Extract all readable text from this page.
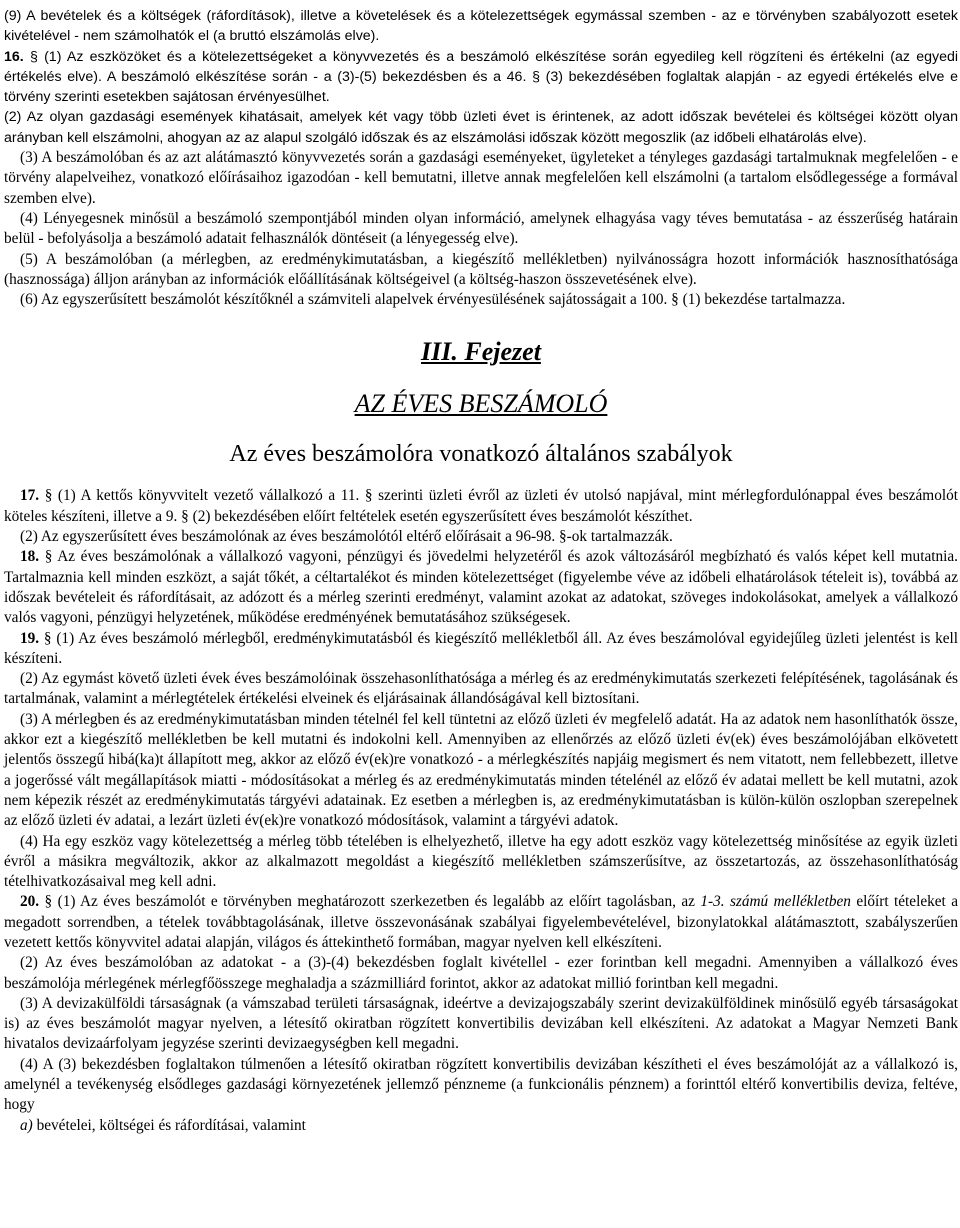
(9) A bevételek és a költségek (ráfordítások), illetve a követelések és a kötelezettségek egymással szemben - az e törvényben szabályozott esetek kivételével - nem számolhatók el (a bruttó elszámolás elve).

16. § (1) Az eszközöket és a kötelezettségeket a könyvvezetés és a beszámoló elkészítése során egyedileg kell rögzíteni és értékelni (az egyedi értékelés elve). A beszámoló elkészítése során - a (3)-(5) bekezdésben és a 46. § (3) bekezdésében foglaltak alapján - az egyedi értékelés elve e törvény szerinti esetekben sajátosan érvényesülhet.

(2) Az olyan gazdasági események kihatásait, amelyek két vagy több üzleti évet is érintenek, az adott időszak bevételei és költségei között olyan arányban kell elszámolni, ahogyan az az alapul szolgáló időszak és az elszámolási időszak között megoszlik (az időbeli elhatárolás elve).

(3) A beszámolóban és az azt alátámasztó könyvvezetés során a gazdasági eseményeket, ügyleteket a tényleges gazdasági tartalmuknak megfelelően - e törvény alapelveihez, vonatkozó előírásaihoz igazodóan - kell bemutatni, illetve annak megfelelően kell elszámolni (a tartalom elsődlegessége a formával szemben elve).

(4) Lényegesnek minősül a beszámoló szempontjából minden olyan információ, amelynek elhagyása vagy téves bemutatása - az ésszerűség határain belül - befolyásolja a beszámoló adatait felhasználók döntéseit (a lényegesség elve).

(5) A beszámolóban (a mérlegben, az eredménykimutatásban, a kiegészítő mellékletben) nyilvánosságra hozott információk hasznosíthatósága (hasznossága) álljon arányban az információk előállításának költségeivel (a költség-haszon összevetésének elve).

(6) Az egyszerűsített beszámolót készítőknél a számviteli alapelvek érvényesülésének sajátosságait a 100. § (1) bekezdése tartalmazza.

III. Fejezet

AZ ÉVES BESZÁMOLÓ

Az éves beszámolóra vonatkozó általános szabályok

17. § (1) A kettős könyvvitelt vezető vállalkozó a 11. § szerinti üzleti évről az üzleti év utolsó napjával, mint mérlegfordulónappal éves beszámolót köteles készíteni, illetve a 9. § (2) bekezdésében előírt feltételek esetén egyszerűsített éves beszámolót készíthet.

(2) Az egyszerűsített éves beszámolónak az éves beszámolótól eltérő előírásait a 96-98. §-ok tartalmazzák.

18. § Az éves beszámolónak a vállalkozó vagyoni, pénzügyi és jövedelmi helyzetéről és azok változásáról megbízható és valós képet kell mutatnia. Tartalmaznia kell minden eszközt, a saját tőkét, a céltartalékot és minden kötelezettséget (figyelembe véve az időbeli elhatárolások tételeit is), továbbá az időszak bevételeit és ráfordításait, az adózott és a mérleg szerinti eredményt, valamint azokat az adatokat, szöveges indokolásokat, amelyek a vállalkozó valós vagyoni, pénzügyi helyzetének, működése eredményének bemutatásához szükségesek.

19. § (1) Az éves beszámoló mérlegből, eredménykimutatásból és kiegészítő mellékletből áll. Az éves beszámolóval egyidejűleg üzleti jelentést is kell készíteni.

(2) Az egymást követő üzleti évek éves beszámolóinak összehasonlíthatósága a mérleg és az eredménykimutatás szerkezeti felépítésének, tagolásának és tartalmának, valamint a mérlegtételek értékelési elveinek és eljárásainak állandóságával kell biztosítani.

(3) A mérlegben és az eredménykimutatásban minden tételnél fel kell tüntetni az előző üzleti év megfelelő adatát. Ha az adatok nem hasonlíthatók össze, akkor ezt a kiegészítő mellékletben be kell mutatni és indokolni kell. Amennyiben az ellenőrzés az előző üzleti év(ek) éves beszámolójában elkövetett jelentős összegű hibá(ka)t állapított meg, akkor az előző év(ek)re vonatkozó - a mérlegkészítés napjáig megismert és nem vitatott, nem fellebbezett, illetve a jogerőssé vált megállapítások miatti - módosításokat a mérleg és az eredménykimutatás minden tételénél az előző év adatai mellett be kell mutatni, azok nem képezik részét az eredménykimutatás tárgyévi adatainak. Ez esetben a mérlegben is, az eredménykimutatásban is külön-külön oszlopban szerepelnek az előző üzleti év adatai, a lezárt üzleti év(ek)re vonatkozó módosítások, valamint a tárgyévi adatok.

(4) Ha egy eszköz vagy kötelezettség a mérleg több tételében is elhelyezhető, illetve ha egy adott eszköz vagy kötelezettség minősítése az egyik üzleti évről a másikra megváltozik, akkor az alkalmazott megoldást a kiegészítő mellékletben számszerűsítve, az összetartozás, az összehasonlíthatóság tételhivatkozásaival meg kell adni.

20. § (1) Az éves beszámolót e törvényben meghatározott szerkezetben és legalább az előírt tagolásban, az 1-3. számú mellékletben előírt tételeket a megadott sorrendben, a tételek továbbtagolásának, illetve összevonásának szabályai figyelembevételével, bizonylatokkal alátámasztott, szabályszerűen vezetett kettős könyvvitel adatai alapján, világos és áttekinthető formában, magyar nyelven kell elkészíteni.

(2) Az éves beszámolóban az adatokat - a (3)-(4) bekezdésben foglalt kivétellel - ezer forintban kell megadni. Amennyiben a vállalkozó éves beszámolója mérlegének mérlegfőösszege meghaladja a százmilliárd forintot, akkor az adatokat millió forintban kell megadni.

(3) A devizakülföldi társaságnak (a vámszabad területi társaságnak, ideértve a devizajogszabály szerint devizakülföldinek minősülő egyéb társaságokat is) az éves beszámolót magyar nyelven, a létesítő okiratban rögzített konvertibilis devizában kell elkészíteni. Az adatokat a Magyar Nemzeti Bank hivatalos devizaárfolyam jegyzése szerinti devizaegységben kell megadni.

(4) A (3) bekezdésben foglaltakon túlmenően a létesítő okiratban rögzített konvertibilis devizában készítheti el éves beszámolóját az a vállalkozó is, amelynél a tevékenység elsődleges gazdasági környezetének jellemző pénzneme (a funkcionális pénznem) a forinttól eltérő konvertibilis deviza, feltéve, hogy

a) bevételei, költségei és ráfordításai, valamint
